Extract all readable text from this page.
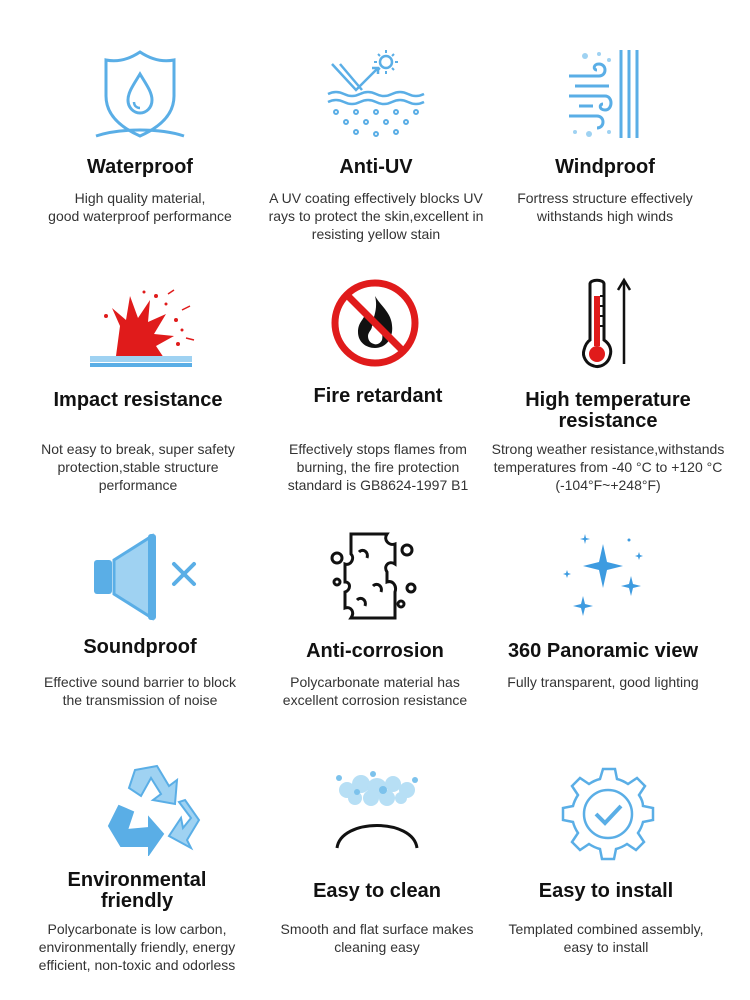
Waterproof
High quality material,
good waterproof performance
Anti-UV
A UV coating effectively blocks UV
rays to protect the skin,excellent in
resisting yellow stain
Windproof
Fortress structure effectively
withstands high winds
Impact resistance
Not easy to break, super safety
protection,stable structure
performance
Fire retardant
Effectively stops flames from
burning, the fire protection
standard is GB8624-1997 B1
High temperature
resistance
Strong weather resistance,withstands
temperatures from -40 °C to +120 °C
(-104°F~+248°F)
Soundproof
Effective sound barrier to block
the transmission of noise
Anti-corrosion
Polycarbonate material has
excellent corrosion resistance
360 Panoramic view
Fully transparent, good lighting
Environmental
friendly
Polycarbonate is low carbon,
environmentally friendly, energy
efficient, non-toxic and odorless
Easy to clean
Smooth and flat surface makes
cleaning easy
Easy to install
Templated combined assembly,
easy to install
